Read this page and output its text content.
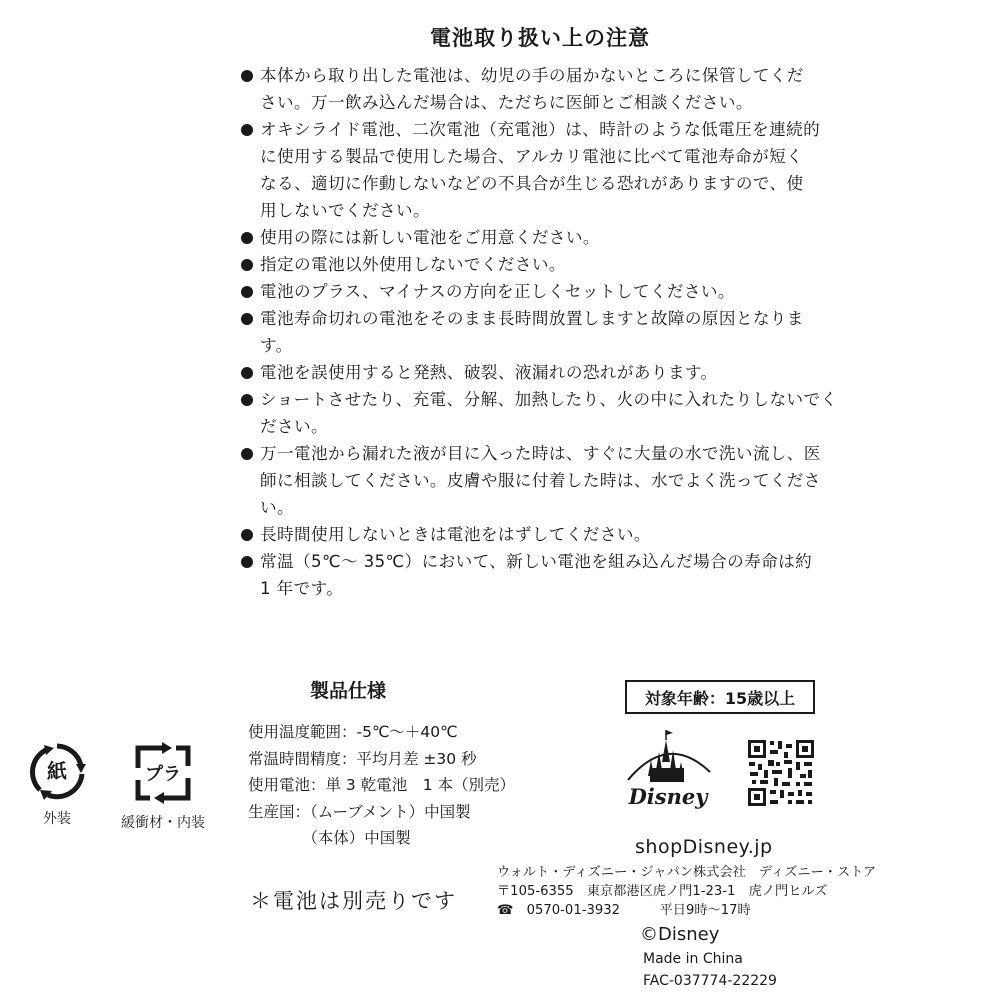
電池取り扱い上の注意
本体から取り出した電池は、幼児の手の届かないところに保管してくだ
さい。万一飲み込んだ場合は、ただちに医師とご相談ください。
オキシライド電池、二次電池（充電池）は、時計のような低電圧を連続的
に使用する製品で使用した場合、アルカリ電池に比べて電池寿命が短く
なる、適切に作動しないなどの不具合が生じる恐れがありますので、使
用しないでください。
使用の際には新しい電池をご用意ください。
指定の電池以外使用しないでください。
電池のプラス、マイナスの方向を正しくセットしてください。
電池寿命切れの電池をそのまま長時間放置しますと故障の原因となりま
す。
電池を誤使用すると発熱、破裂、液漏れの恐れがあります。
ショートさせたり、充電、分解、加熱したり、火の中に入れたりしないでく
ださい。
万一電池から漏れた液が目に入った時は、すぐに大量の水で洗い流し、医
師に相談してください。皮膚や服に付着した時は、水でよく洗ってください。
長時間使用しないときは電池をはずしてください。
常温（5℃～ 35℃）において、新しい電池を組み込んだ場合の寿命は約
1 年です。
製品仕様
使用温度範囲：-5℃～＋40℃
常温時間精度：平均月差 ±30 秒
使用電池：単 3 乾電池　1 本（別売）
生産国：（ムーブメント）中国製
　　　　（本体）中国製
＊電池は別売りです
紙
外装
プラ
緩衝材・内装
対象年齢：15歳以上
Disney
shopDisney.jp
ウォルト・ディズニー・ジャパン株式会社　ディズニー・ストア
〒105-6355　東京都港区虎ノ門1-23-1　虎ノ門ヒルズ
☎　0570-01-3932　　　平日9時～17時
©Disney
Made in China
FAC-037774-22229
